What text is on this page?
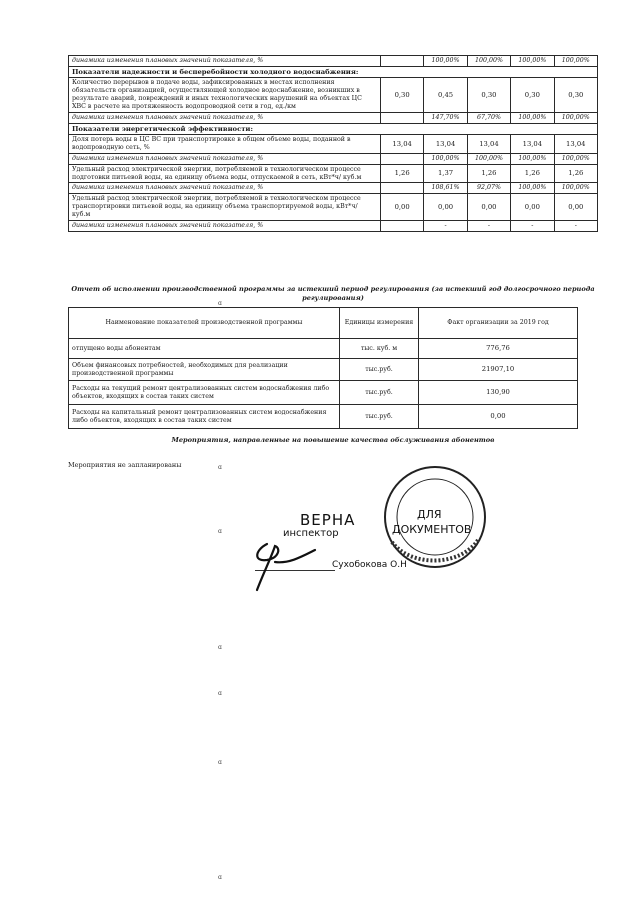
динамика изменения плановых значений показателя, %		100,00%	100,00%	100,00%	100,00%
Показатели надежности и бесперебойности холодного водоснабжения:					
Количество перерывов в подаче воды, зафиксированных в местах исполнения обязательств организацией, осуществляющей холодное водоснабжение, возникших в результате аварий, повреждений и иных технологических нарушений на объектах ЦС ХВС в расчете на протяженность водопроводной сети в год, ед./км	0,30	0,45	0,30	0,30	0,30
динамика изменения плановых значений показателя, %		147,70%	67,70%	100,00%	100,00%
Показатели энергетической эффективности:					
Доля потерь воды в ЦС ВС при транспортировке в общем объеме воды, поданной в водопроводную сеть, %	13,04	13,04	13,04	13,04	13,04
динамика изменения плановых значений показателя, %		100,00%	100,00%	100,00%	100,00%
Удельный расход электрической энергии, потребляемой в технологическом процессе подготовки питьевой воды, на единицу объема воды, отпускаемой в сеть, кВт*ч/ куб.м	1,26	1,37	1,26	1,26	1,26
динамика изменения плановых значений показателя, %		108,61%	92,07%	100,00%	100,00%
Удельный расход электрической энергии, потребляемой в технологическом процессе транспортировки питьевой воды, на единицу объема транспортируемой воды, кВт*ч/ куб.м	0,00	0,00	0,00	0,00	0,00
динамика изменения плановых значений показателя, %		-	-	-	-
Отчет об исполнении производственной программы за истекший период регулирования (за истекший год долгосрочного периода регулирования)
Наименование показателей производственной программы	Единицы измерения	Факт организации за 2019 год
отпущено воды абонентам	тыс. куб. м	776,76
Объем финансовых потребностей, необходимых для реализации производственной программы	тыс.руб.	21907,10
Расходы на текущий ремонт централизованных систем водоснабжения либо объектов, входящих в состав таких систем	тыс.руб.	130,90
Расходы на капитальный ремонт централизованных систем водоснабжения либо объектов, входящих в состав таких систем	тыс.руб.	0,00
Мероприятия, направленные на повышение качества обслуживания абонентов
Мероприятия не запланированы
ВЕРНА
инспектор
Сухобокова О.Н
ДЛЯ
ДОКУМЕНТОВ
ɑ
ɑ
ɑ
ɑ
ɑ
ɑ
ɑ
